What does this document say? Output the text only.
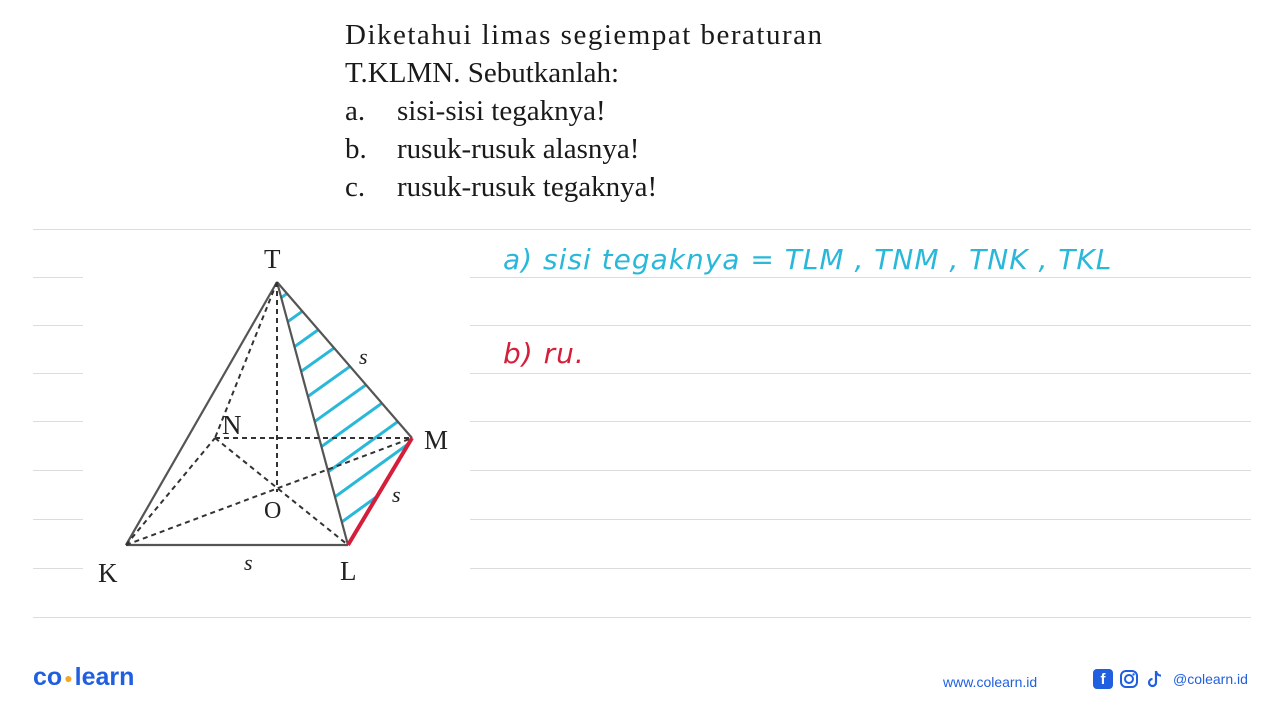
Diketahui limas segiempat beraturan
T.KLMN. Sebutkanlah:
a.	sisi-sisi tegaknya!
b.	rusuk-rusuk alasnya!
c.	rusuk-rusuk tegaknya!
T
N	M
O
K	L
s
s
s
a) sisi tegaknya = TLM , TNM , TNK , TKL
b) ru.
co ●learn	www.colearn.id	f	@colearn.id
